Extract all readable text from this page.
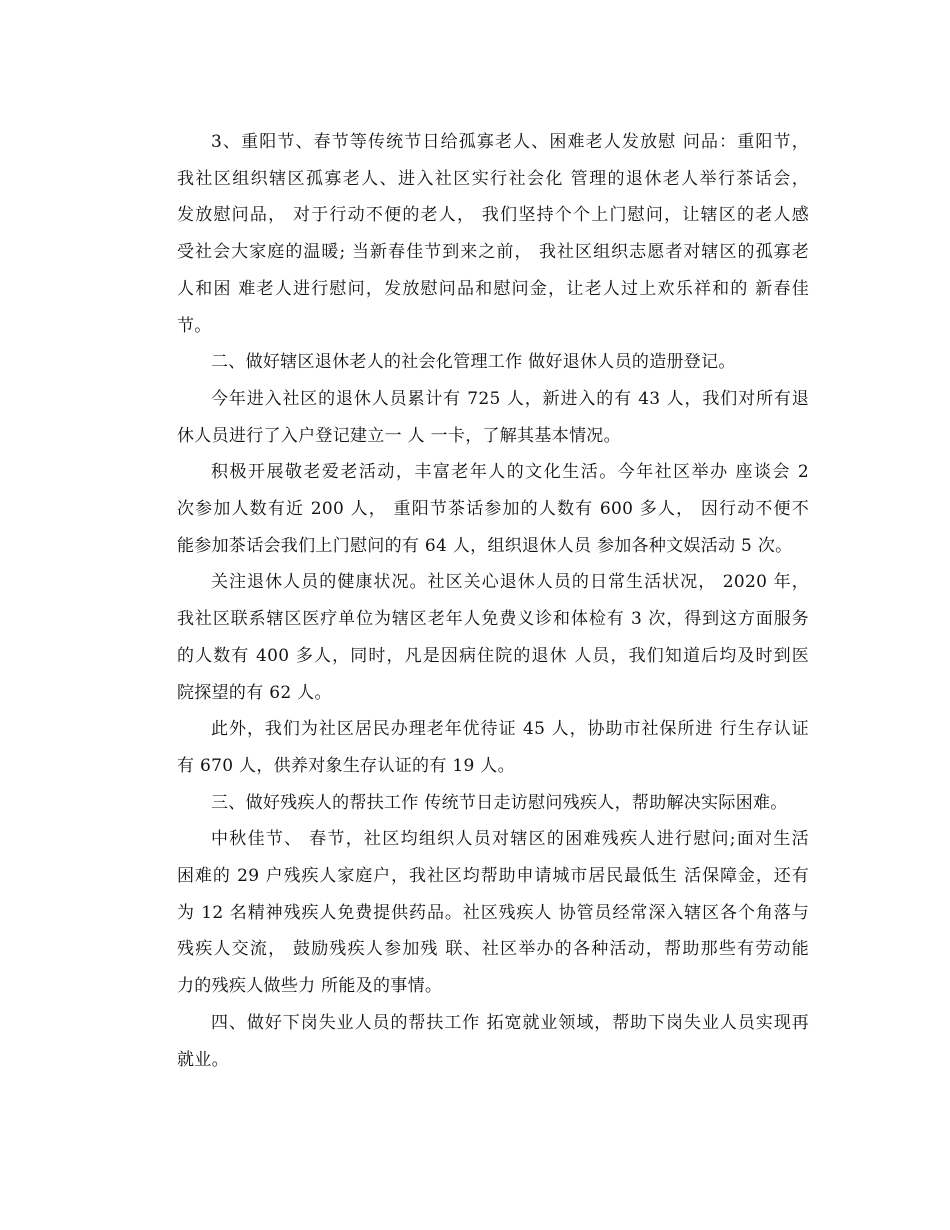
3、重阳节、春节等传统节日给孤寡老人、困难老人发放慰 问品：重阳节，
我社区组织辖区孤寡老人、进入社区实行社会化 管理的退休老人举行茶话会，
发放慰问品， 对于行动不便的老人， 我们坚持个个上门慰问，让辖区的老人感
受社会大家庭的温暖; 当新春佳节到来之前， 我社区组织志愿者对辖区的孤寡老
人和困 难老人进行慰问，发放慰问品和慰问金，让老人过上欢乐祥和的 新春佳
节。
二、做好辖区退休老人的社会化管理工作 做好退休人员的造册登记。
今年进入社区的退休人员累计有 725 人，新进入的有 43 人，我们对所有退
休人员进行了入户登记建立一 人 一卡，了解其基本情况。
积极开展敬老爱老活动，丰富老年人的文化生活。今年社区举办 座谈会 2
次参加人数有近 200 人， 重阳节茶话参加的人数有 600 多人， 因行动不便不
能参加茶话会我们上门慰问的有 64 人，组织退休人员 参加各种文娱活动 5 次。
关注退休人员的健康状况。社区关心退休人员的日常生活状况， 2020 年，
我社区联系辖区医疗单位为辖区老年人免费义诊和体检有 3 次，得到这方面服务
的人数有 400 多人，同时，凡是因病住院的退休 人员，我们知道后均及时到医
院探望的有 62 人。
此外，我们为社区居民办理老年优待证 45 人，协助市社保所进 行生存认证
有 670 人，供养对象生存认证的有 19 人。
三、做好残疾人的帮扶工作 传统节日走访慰问残疾人，帮助解决实际困难。
中秋佳节、 春节，社区均组织人员对辖区的困难残疾人进行慰问;面对生活
困难的 29 户残疾人家庭户，我社区均帮助申请城市居民最低生 活保障金，还有
为 12 名精神残疾人免费提供药品。社区残疾人 协管员经常深入辖区各个角落与
残疾人交流， 鼓励残疾人参加残 联、社区举办的各种活动，帮助那些有劳动能
力的残疾人做些力 所能及的事情。
四、做好下岗失业人员的帮扶工作 拓宽就业领域，帮助下岗失业人员实现再
就业。
